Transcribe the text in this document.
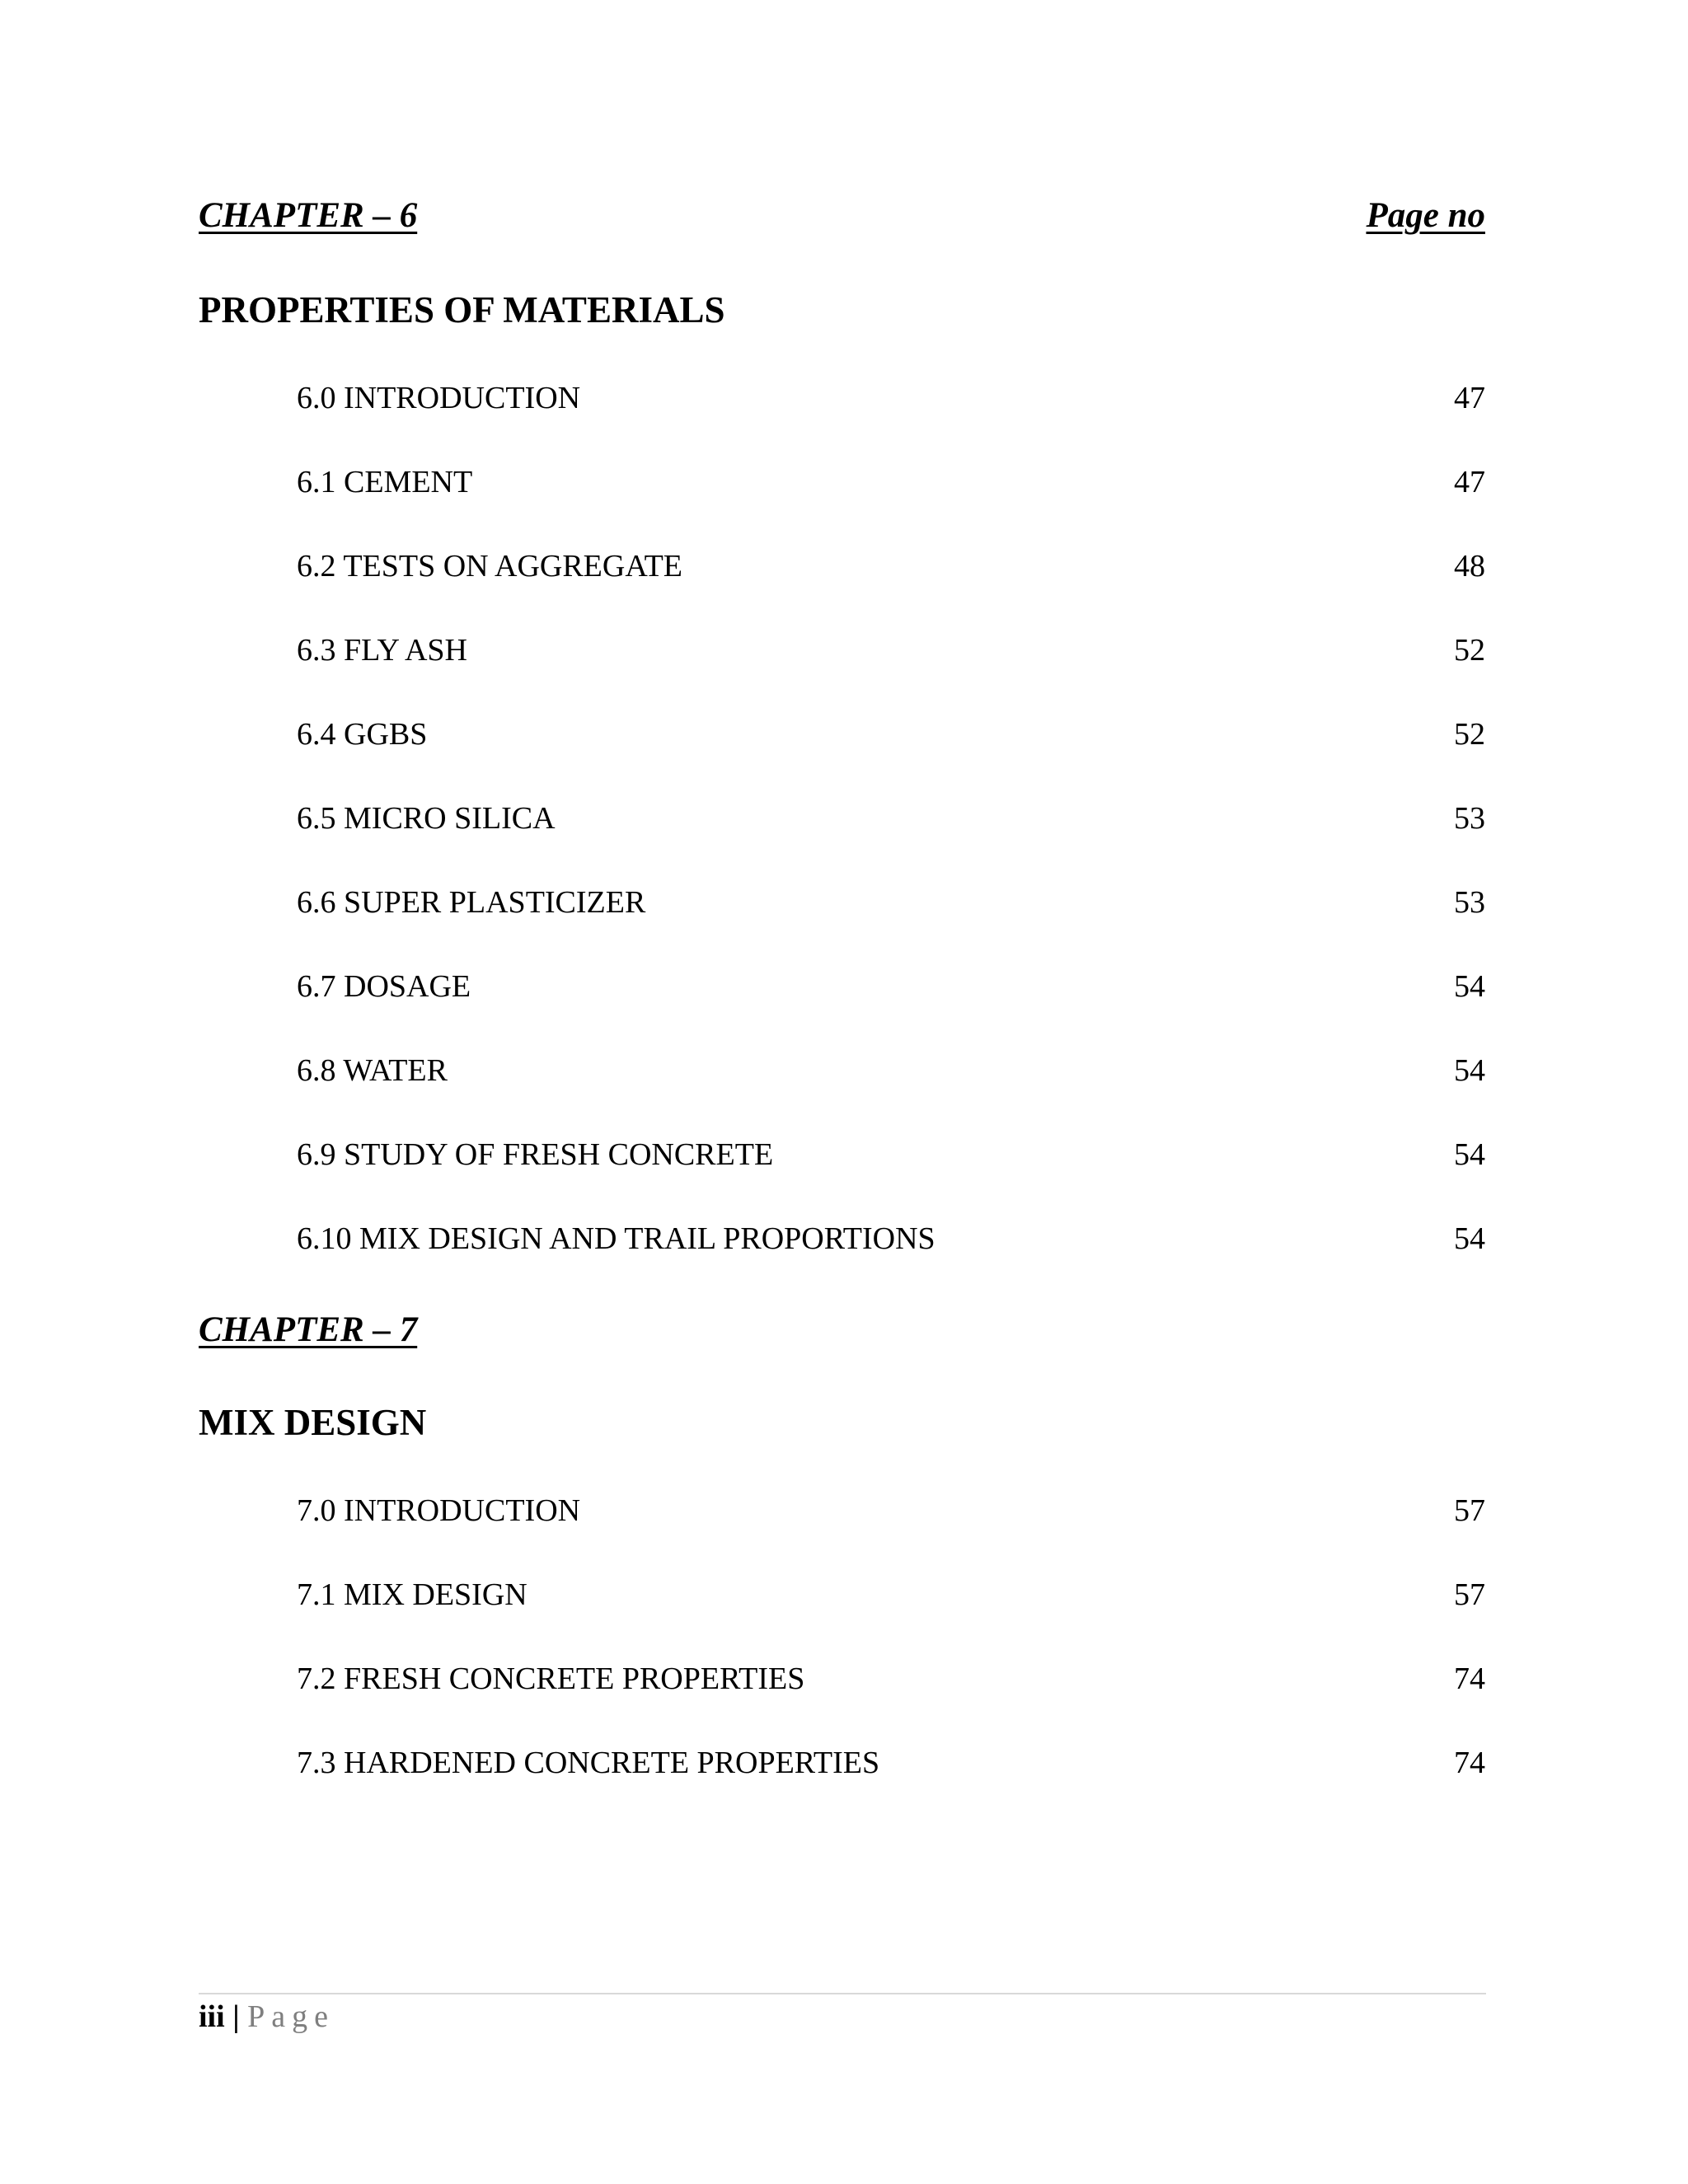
CHAPTER – 6	Page no
PROPERTIES OF MATERIALS
6.0 INTRODUCTION	47
6.1 CEMENT	47
6.2 TESTS ON AGGREGATE	48
6.3 FLY ASH	52
6.4 GGBS	52
6.5 MICRO SILICA	53
6.6 SUPER PLASTICIZER	53
6.7 DOSAGE	54
6.8 WATER	54
6.9 STUDY OF FRESH CONCRETE	54
6.10 MIX DESIGN AND TRAIL PROPORTIONS	54
CHAPTER – 7
MIX DESIGN
7.0 INTRODUCTION	57
7.1 MIX DESIGN	57
7.2 FRESH CONCRETE PROPERTIES	74
7.3 HARDENED CONCRETE PROPERTIES	74
iii | Page
